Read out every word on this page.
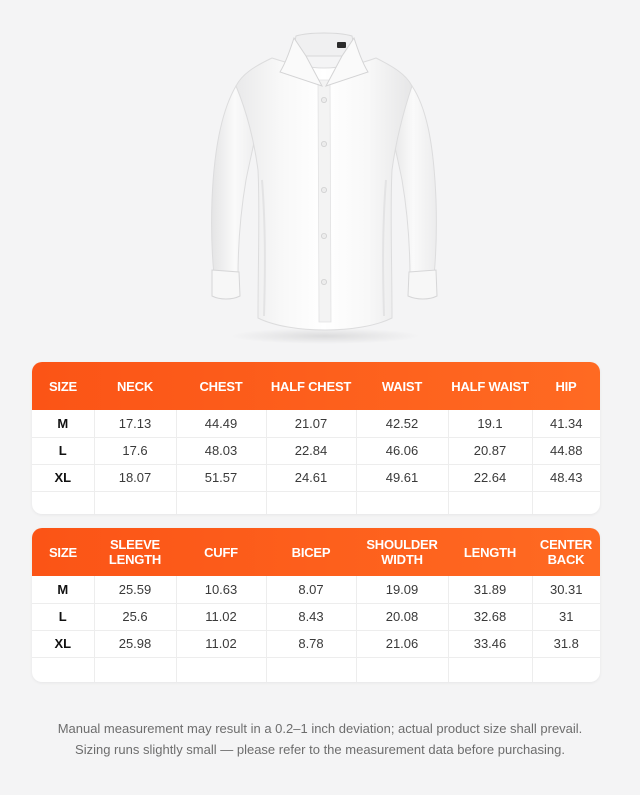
SIZE	NECK	CHEST	HALF CHEST	WAIST	HALF WAIST	HIP
M	17.13	44.49	21.07	42.52	19.1	41.34
L	17.6	48.03	22.84	46.06	20.87	44.88
XL	18.07	51.57	24.61	49.61	22.64	48.43

SIZE	SLEEVE LENGTH	CUFF	BICEP	SHOULDER WIDTH	LENGTH	CENTER BACK
M	25.59	10.63	8.07	19.09	31.89	30.31
L	25.6	11.02	8.43	20.08	32.68	31
XL	25.98	11.02	8.78	21.06	33.46	31.8

Manual measurement may result in a 0.2–1 inch deviation; actual product size shall prevail.
Sizing runs slightly small — please refer to the measurement data before purchasing.
